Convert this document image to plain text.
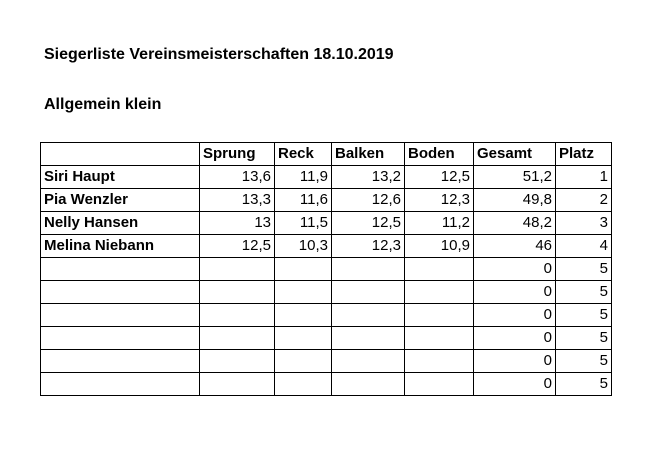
Siegerliste Vereinsmeisterschaften 18.10.2019
Allgemein klein
	Sprung	Reck	Balken	Boden	Gesamt	Platz
Siri Haupt	13,6	11,9	13,2	12,5	51,2	1
Pia Wenzler	13,3	11,6	12,6	12,3	49,8	2
Nelly Hansen	13	11,5	12,5	11,2	48,2	3
Melina Niebann	12,5	10,3	12,3	10,9	46	4
					0	5
					0	5
					0	5
					0	5
					0	5
					0	5
